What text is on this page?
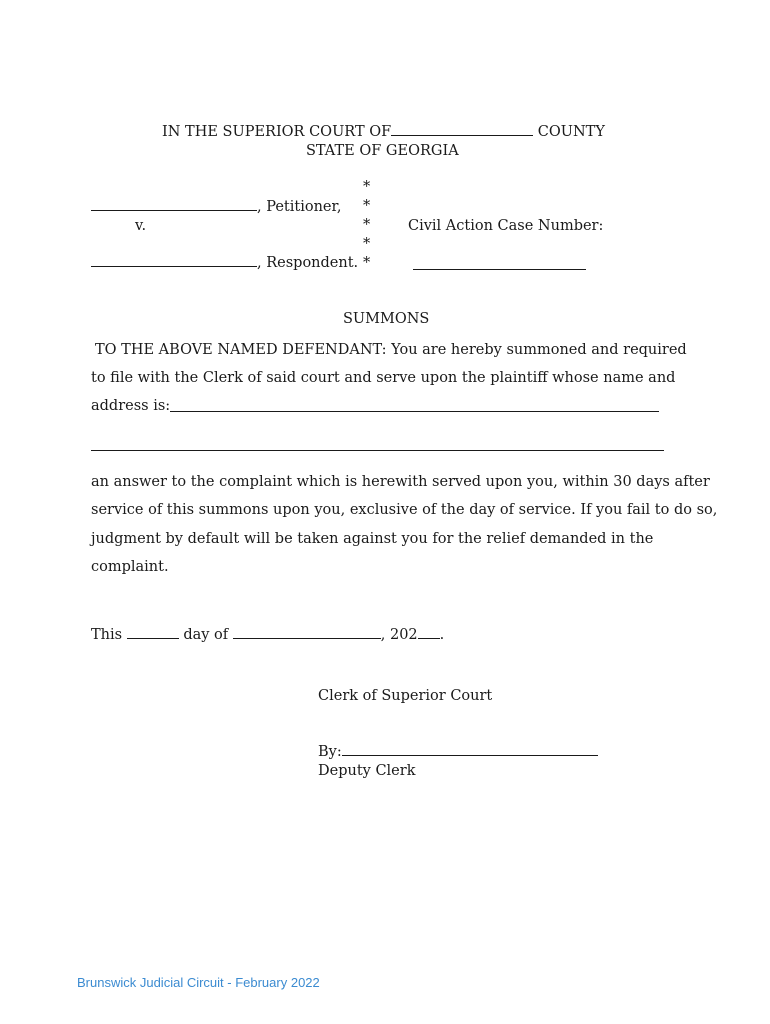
IN THE SUPERIOR COURT OF	COUNTY
STATE OF GEORGIA
*
*
*
*
*
, Petitioner,
v.	Civil Action Case Number:
, Respondent.
SUMMONS
TO THE ABOVE NAMED DEFENDANT: You are hereby summoned and required
to file with the Clerk of said court and serve upon the plaintiff whose name and
address is:
an answer to the complaint which is herewith served upon you, within 30 days after
service of this summons upon you, exclusive of the day of service. If you fail to do so,
judgment by default will be taken against you for the relief demanded in the
complaint.
This	day of	, 202 .
Clerk of Superior Court
By:
Deputy Clerk
Brunswick Judicial Circuit - February 2022
